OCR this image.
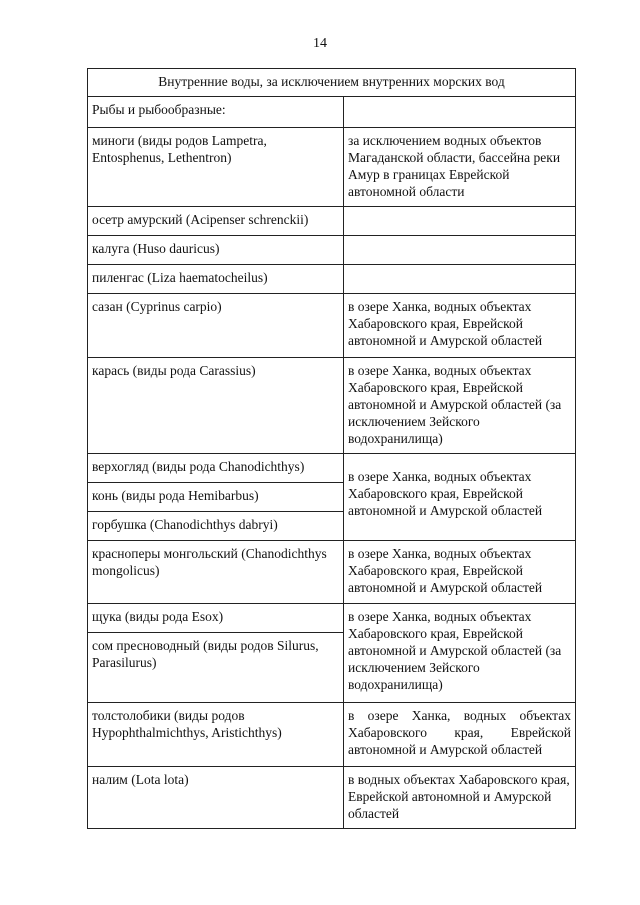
14
Внутренние воды, за исключением внутренних морских вод	
Рыбы и рыбообразные:	
миноги (виды родов Lampetra, Entosphenus, Lethentron)	за исключением водных объектов Магаданской области, бассейна реки Амур в границах Еврейской автономной области
осетр амурский (Acipenser schrenckii)	
калуга (Huso dauricus)	
пиленгас (Liza haematocheilus)	
сазан (Cyprinus carpio)	в озере Ханка, водных объектах Хабаровского края, Еврейской автономной и Амурской областей
карась (виды рода Carassius)	в озере Ханка, водных объектах Хабаровского края, Еврейской автономной и Амурской областей (за исключением Зейского водохранилища)
верхогляд (виды рода Chanodichthys)	в озере Ханка, водных объектах Хабаровского края, Еврейской автономной и Амурской областей
конь (виды рода Hemibarbus)	
горбушка (Chanodichthys dabryi)	
красноперы монгольский (Chanodichthys mongolicus)	в озере Ханка, водных объектах Хабаровского края, Еврейской автономной и Амурской областей
щука (виды рода Esox)	в озере Ханка, водных объектах Хабаровского края, Еврейской автономной и Амурской областей (за исключением Зейского водохранилища)
сом пресноводный (виды родов Silurus, Parasilurus)	
толстолобики (виды родов Hypophthalmichthys, Aristichthys)	в озере Ханка, водных объектах Хабаровского края, Еврейской автономной и Амурской областей
налим (Lota lota)	в водных объектах Хабаровского края, Еврейской автономной и Амурской областей
